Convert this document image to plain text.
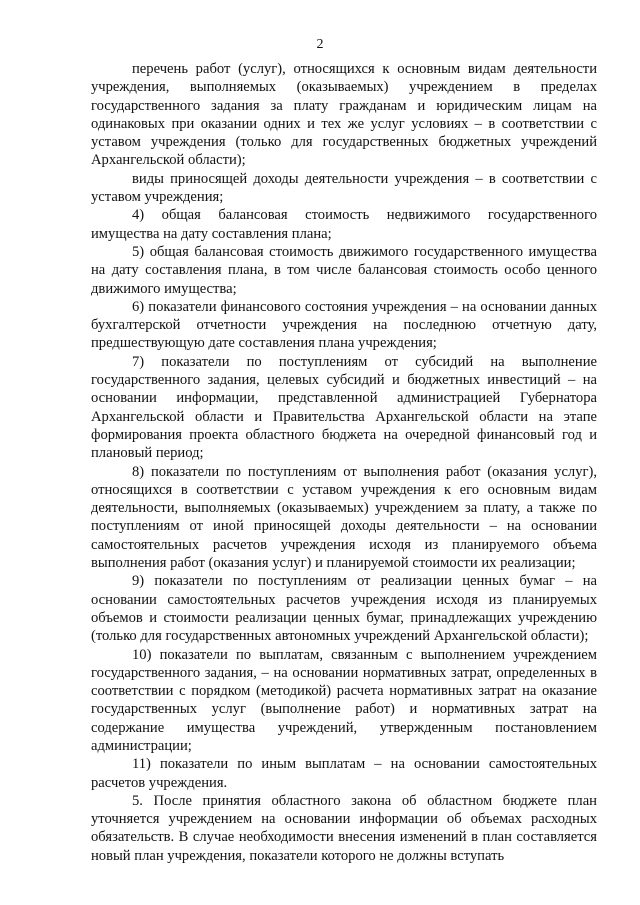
2

перечень работ (услуг), относящихся к основным видам деятельности учреждения, выполняемых (оказываемых) учреждением в пределах государственного задания за плату гражданам и юридическим лицам на одинаковых при оказании одних и тех же услуг условиях – в соответствии с уставом учреждения (только для государственных бюджетных учреждений Архангельской области);

виды приносящей доходы деятельности учреждения – в соответствии с уставом учреждения;

4) общая балансовая стоимость недвижимого государственного имущества на дату составления плана;

5) общая балансовая стоимость движимого государственного имущества на дату составления плана, в том числе балансовая стоимость особо ценного движимого имущества;

6) показатели финансового состояния учреждения – на основании данных бухгалтерской отчетности учреждения на последнюю отчетную дату, предшествующую дате составления плана учреждения;

7) показатели по поступлениям от субсидий на выполнение государственного задания, целевых субсидий и бюджетных инвестиций – на основании информации, представленной администрацией Губернатора Архангельской области и Правительства Архангельской области на этапе формирования проекта областного бюджета на очередной финансовый год и плановый период;

8) показатели по поступлениям от выполнения работ (оказания услуг), относящихся в соответствии с уставом учреждения к его основным видам деятельности, выполняемых (оказываемых) учреждением за плату, а также по поступлениям от иной приносящей доходы деятельности – на основании самостоятельных расчетов учреждения исходя из планируемого объема выполнения работ (оказания услуг) и планируемой стоимости их реализации;

9) показатели по поступлениям от реализации ценных бумаг – на основании самостоятельных расчетов учреждения исходя из планируемых объемов и стоимости реализации ценных бумаг, принадлежащих учреждению (только для государственных автономных учреждений Архангельской области);

10) показатели по выплатам, связанным с выполнением учреждением государственного задания, – на основании нормативных затрат, определенных в соответствии с порядком (методикой) расчета нормативных затрат на оказание государственных услуг (выполнение работ) и нормативных затрат на содержание имущества учреждений, утвержденным постановлением администрации;

11) показатели по иным выплатам – на основании самостоятельных расчетов учреждения.

5. После принятия областного закона об областном бюджете план уточняется учреждением на основании информации об объемах расходных обязательств. В случае необходимости внесения изменений в план составляется новый план учреждения, показатели которого не должны вступать
